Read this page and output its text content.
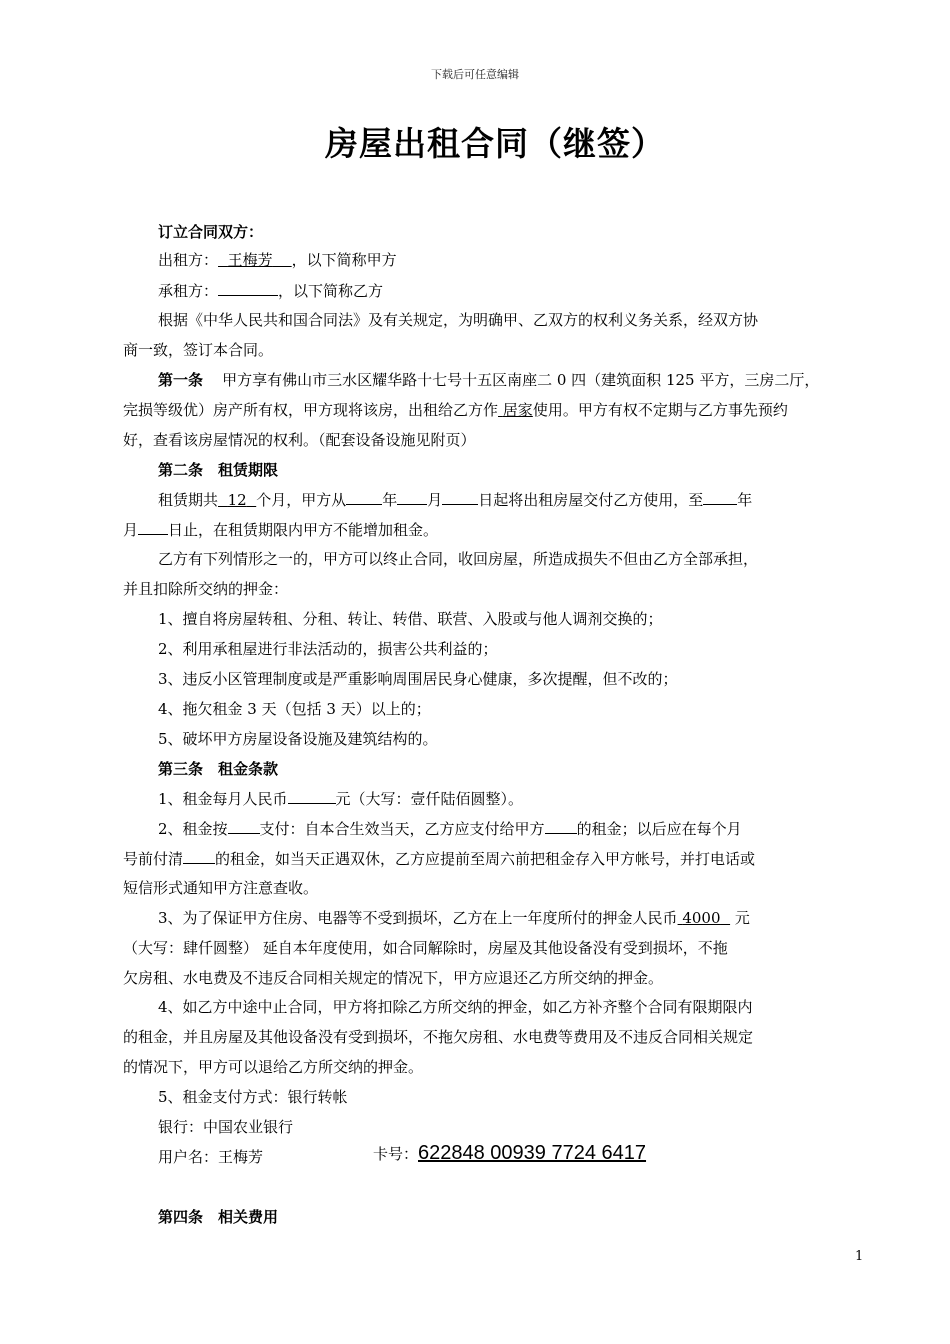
下载后可任意编辑
房屋出租合同（继签）
订立合同双方：
出租方： 王梅芳 ，以下简称甲方
承租方：	，以下简称乙方
根据《中华人民共和国合同法》及有关规定，为明确甲、乙双方的权利义务关系，经双方协
商一致，签订本合同。
第一条 甲方享有佛山市三水区耀华路十七号十五区南座二 0 四（建筑面积 125 平方，三房二厅，
完损等级优）房产所有权，甲方现将该房，出租给乙方作 居家使用。甲方有权不定期与乙方事先预约
好，查看该房屋情况的权利。（配套设备设施见附页）
第二条　租赁期限
租赁期共 12 个月，甲方从 年 月 日起将出租房屋交付乙方使用，至 年
月 日止，在租赁期限内甲方不能增加租金。
乙方有下列情形之一的，甲方可以终止合同，收回房屋，所造成损失不但由乙方全部承担，
并且扣除所交纳的押金：
1、擅自将房屋转租、分租、转让、转借、联营、入股或与他人调剂交换的；
2、利用承租屋进行非法活动的，损害公共利益的；
3、违反小区管理制度或是严重影响周围居民身心健康，多次提醒，但不改的；
4、拖欠租金 3 天（包括 3 天）以上的；
5、破坏甲方房屋设备设施及建筑结构的。
第三条　租金条款
1、租金每月人民币	元（大写：壹仟陆佰圆整）。
2、租金按 支付：自本合生效当天，乙方应支付给甲方 的租金；以后应在每个月
号前付清 的租金，如当天正遇双休，乙方应提前至周六前把租金存入甲方帐号，并打电话或
短信形式通知甲方注意查收。
3、为了保证甲方住房、电器等不受到损坏，乙方在上一年度所付的押金人民币 4000 元
（大写：肆仟圆整） 延自本年度使用，如合同解除时，房屋及其他设备没有受到损坏，不拖
欠房租、水电费及不违反合同相关规定的情况下，甲方应退还乙方所交纳的押金。
4、如乙方中途中止合同，甲方将扣除乙方所交纳的押金，如乙方补齐整个合同有限期限内
的租金，并且房屋及其他设备没有受到损坏，不拖欠房租、水电费等费用及不违反合同相关规定
的情况下，甲方可以退给乙方所交纳的押金。
5、租金支付方式：银行转帐
银行：中国农业银行
用户名：王梅芳	卡号：622848 00939 7724 6417
第四条　相关费用
1
